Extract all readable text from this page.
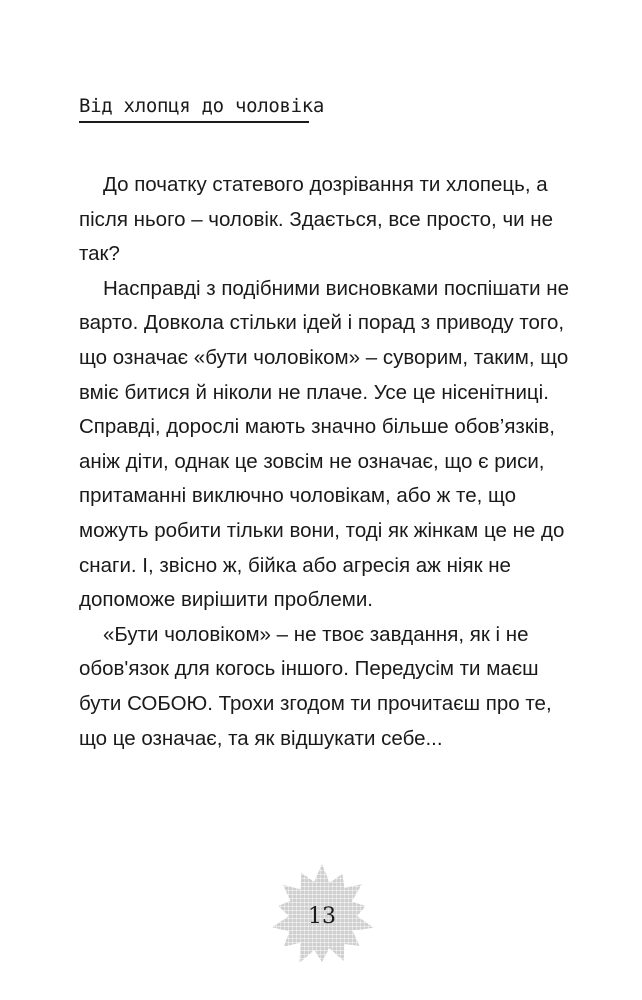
Від хлопця до чоловіка

До початку статевого дозрівання ти хлопець, а після нього – чоловік. Здається, все просто, чи не так?

Насправді з подібними висновками поспішати не варто. Довкола стільки ідей і порад з приводу того, що означає «бути чоловіком» – суворим, таким, що вміє битися й ніколи не плаче. Усе це нісенітниці. Справді, дорослі мають значно більше обов’язків, аніж діти, однак це зовсім не означає, що є риси, притаманні виключно чоловікам, або ж те, що можуть робити тільки вони, тоді як жінкам це не до снаги. І, звісно ж, бійка або агресія аж ніяк не допоможе вирішити проблеми.

«Бути чоловіком» – не твоє завдання, як і не обов'язок для когось іншого. Передусім ти маєш бути СОБОЮ. Трохи згодом ти прочитаєш про те, що це означає, та як відшукати себе...

13
